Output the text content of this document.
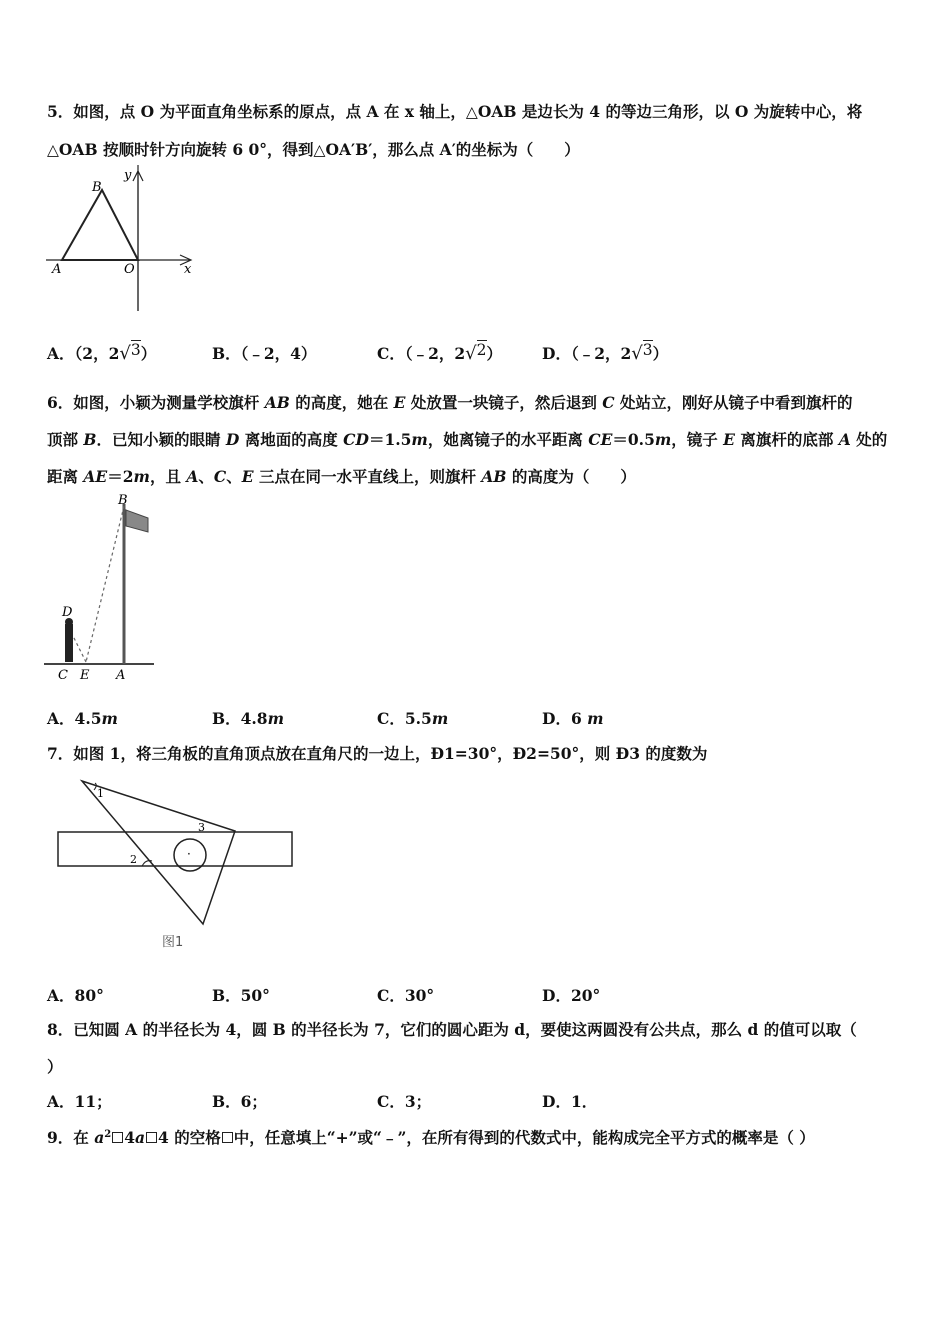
5．如图，点 O 为平面直角坐标系的原点，点 A 在 x 轴上，△OAB 是边长为 4 的等边三角形，以 O 为旋转中心，将
△OAB 按顺时针方向旋转 6 0°，得到△OA′B′，那么点 A′的坐标为（　　）
B
y
A	O	x
A．（2，2√3）	B．（﹣2，4）	C．（﹣2，2√2）	D．（﹣2，2√3）
6．如图，小颖为测量学校旗杆 AB 的高度，她在 E 处放置一块镜子，然后退到 C 处站立，刚好从镜子中看到旗杆的
顶部 B．已知小颖的眼睛 D 离地面的高度 CD＝1.5m，她离镜子的水平距离 CE＝0.5m，镜子 E 离旗杆的底部 A 处的
距离 AE＝2m，且 A、C、E 三点在同一水平直线上，则旗杆 AB 的高度为（　　）
B
D
C E A
A．4.5m	B．4.8m	C．5.5m	D．6 m
7．如图 1，将三角板的直角顶点放在直角尺的一边上，Ð1=30°，Ð2=50°，则 Ð3 的度数为
·
1
2
3
图1
A．80°	B．50°	C．30°	D．20°
8．已知圆 A 的半径长为 4，圆 B 的半径长为 7，它们的圆心距为 d，要使这两圆没有公共点，那么 d 的值可以取（
）
A．11；	B．6；	C．3；	D．1．
9．在 $a^2$ 4a 4 的空格 中，任意填上“+”或“﹣”，在所有得到的代数式中，能构成完全平方式的概率是（ ）
